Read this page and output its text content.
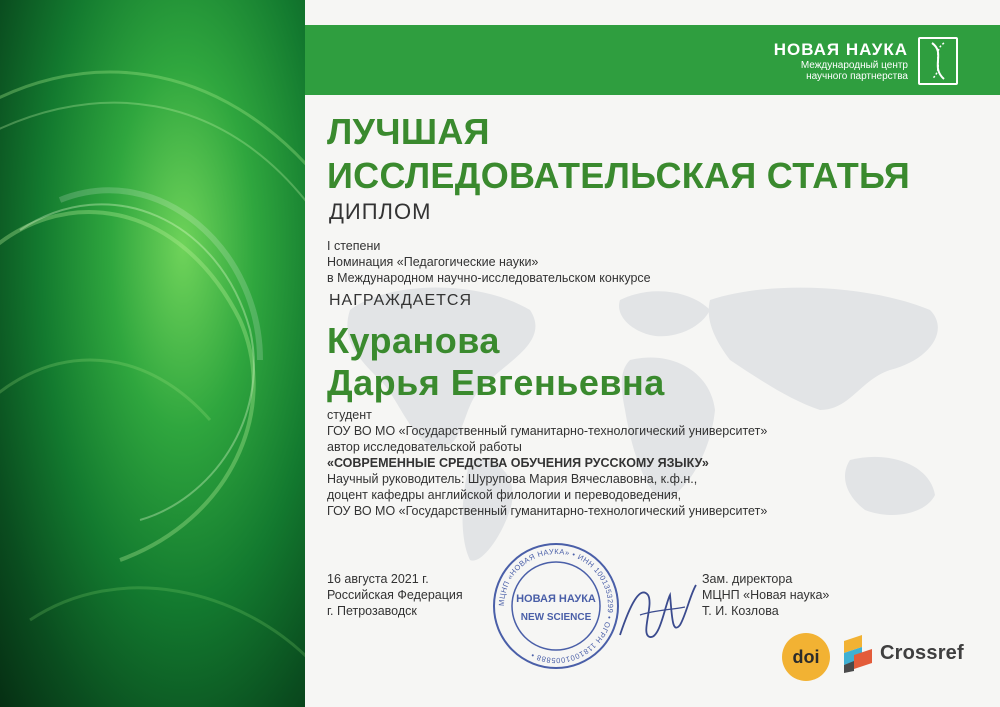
НОВАЯ НАУКА
Международный центр
научного партнерства
ЛУЧШАЯ
ИССЛЕДОВАТЕЛЬСКАЯ СТАТЬЯ
ДИПЛОМ
I степени
Номинация «Педагогические науки»
в Международном научно-исследовательском конкурсе
НАГРАЖДАЕТСЯ
Куранова
Дарья Евгеньевна
студент
ГОУ ВО МО «Государственный гуманитарно-технологический университет»
автор исследовательской работы
«СОВРЕМЕННЫЕ СРЕДСТВА ОБУЧЕНИЯ РУССКОМУ ЯЗЫКУ»
Научный руководитель: Шурупова Мария Вячеславовна, к.ф.н.,
доцент кафедры английской филологии и переводоведения,
ГОУ ВО МО «Государственный гуманитарно-технологический университет»
16 августа 2021 г.
Российская Федерация
г. Петрозаводск
Зам. директора
МЦНП «Новая наука»
Т. И. Козлова
МЦНП «НОВАЯ НАУКА» • ИНН 1001353299 • ОГРН 1181001005888 •
НОВАЯ НАУКА
NEW SCIENCE
doi	Crossref
